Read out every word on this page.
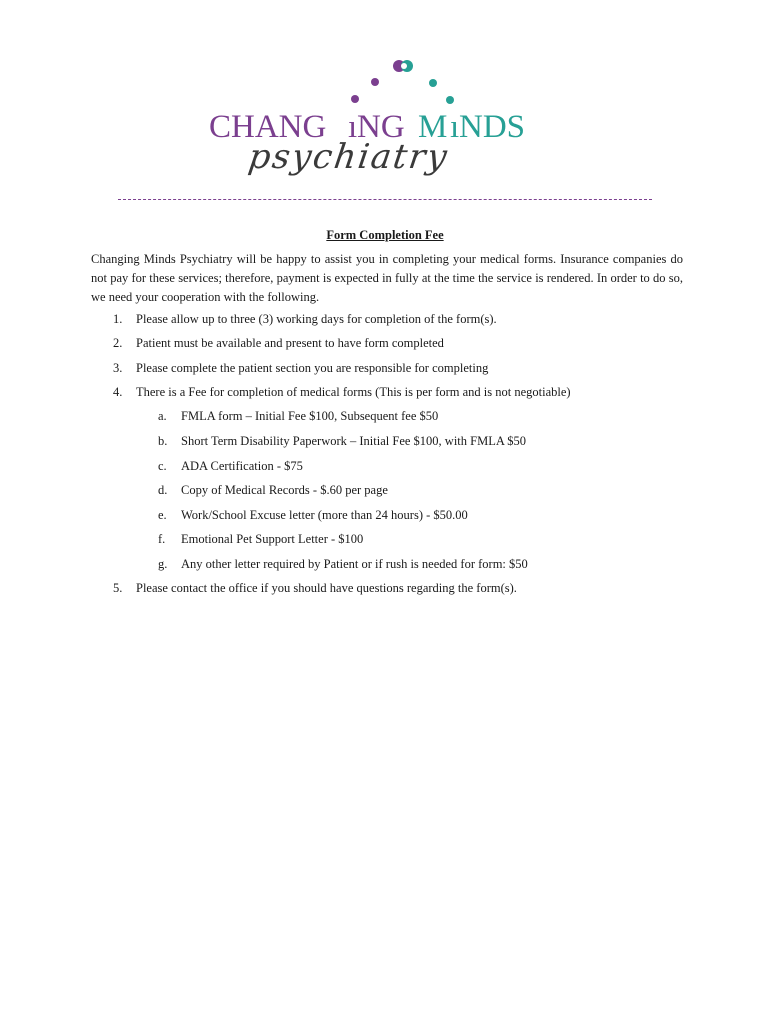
CHANG ı NG M ı NDS
psychiatry
Form Completion Fee
Changing Minds Psychiatry will be happy to assist you in completing your medical forms. Insurance companies do not pay for these services; therefore, payment is expected in fully at the time the service is rendered. In order to do so, we need your cooperation with the following.
1. Please allow up to three (3) working days for completion of the form(s).
2. Patient must be available and present to have form completed
3. Please complete the patient section you are responsible for completing
4. There is a Fee for completion of medical forms (This is per form and is not negotiable)
a. FMLA form – Initial Fee $100, Subsequent fee $50
b. Short Term Disability Paperwork – Initial Fee $100, with FMLA $50
c. ADA Certification - $75
d. Copy of Medical Records - $.60 per page
e. Work/School Excuse letter (more than 24 hours) - $50.00
f. Emotional Pet Support Letter - $100
g. Any other letter required by Patient or if rush is needed for form: $50
5. Please contact the office if you should have questions regarding the form(s).
